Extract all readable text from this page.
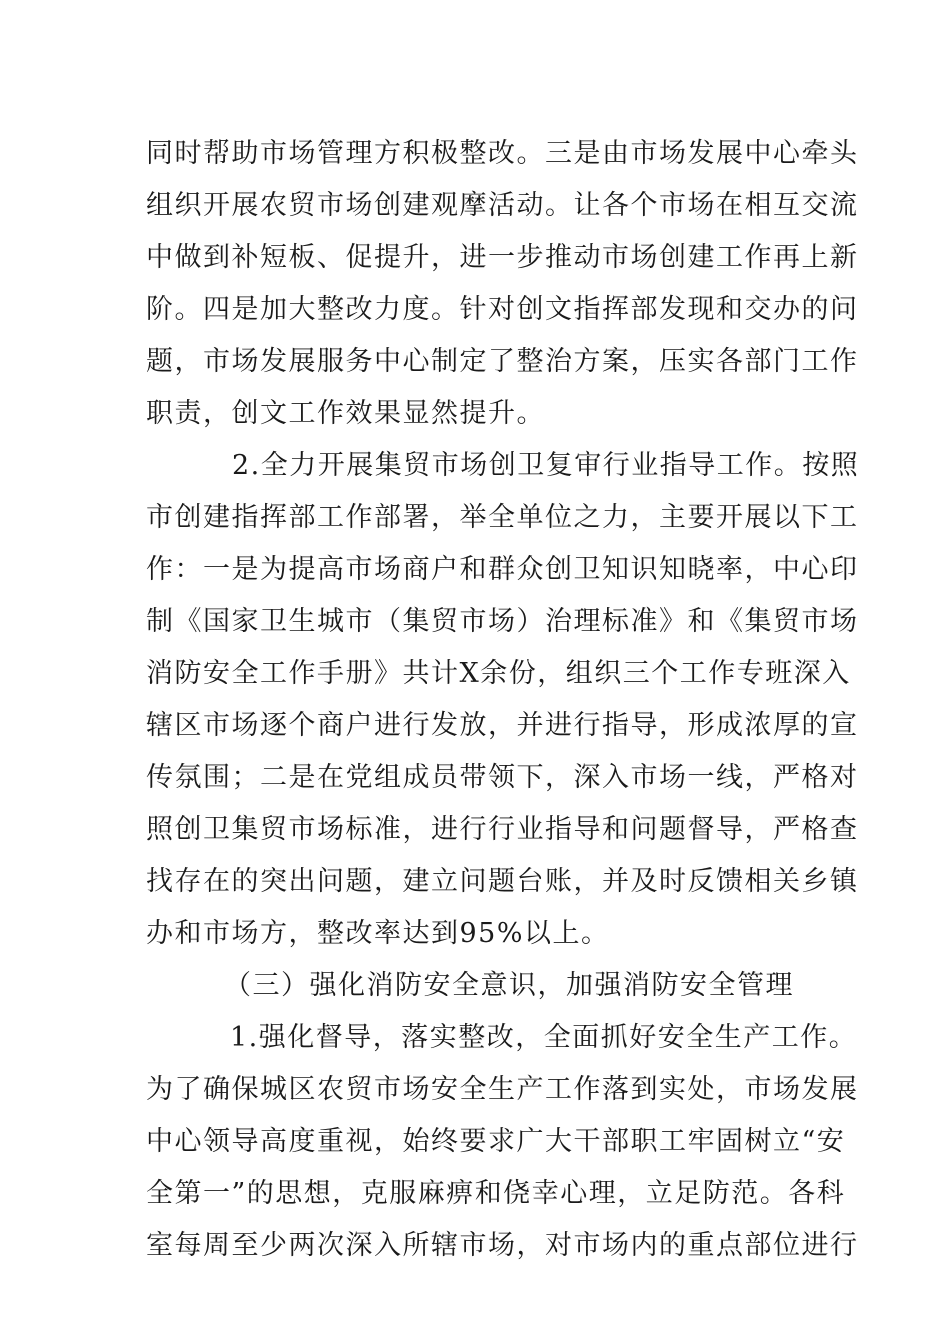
同时帮助市场管理方积极整改。三是由市场发展中心牵头
组织开展农贸市场创建观摩活动。让各个市场在相互交流
中做到补短板、促提升，进一步推动市场创建工作再上新
阶。四是加大整改力度。针对创文指挥部发现和交办的问
题，市场发展服务中心制定了整治方案，压实各部门工作
职责，创文工作效果显然提升。
2.全力开展集贸市场创卫复审行业指导工作。按照
市创建指挥部工作部署，举全单位之力，主要开展以下工
作：一是为提高市场商户和群众创卫知识知晓率，中心印
制《国家卫生城市（集贸市场）治理标准》和《集贸市场
消防安全工作手册》共计X余份，组织三个工作专班深入
辖区市场逐个商户进行发放，并进行指导，形成浓厚的宣
传氛围；二是在党组成员带领下，深入市场一线，严格对
照创卫集贸市场标准，进行行业指导和问题督导，严格查
找存在的突出问题，建立问题台账，并及时反馈相关乡镇
办和市场方，整改率达到95%以上。
（三）强化消防安全意识，加强消防安全管理
1.强化督导，落实整改，全面抓好安全生产工作。
为了确保城区农贸市场安全生产工作落到实处，市场发展
中心领导高度重视，始终要求广大干部职工牢固树立“安
全第一”的思想，克服麻痹和侥幸心理，立足防范。各科
室每周至少两次深入所辖市场，对市场内的重点部位进行
